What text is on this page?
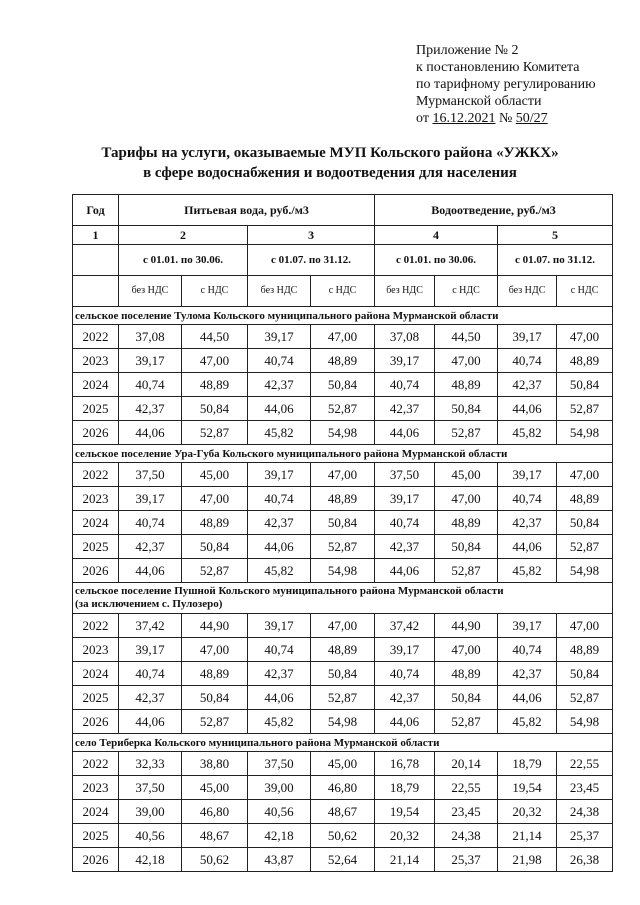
Приложение № 2
к постановлению Комитета
по тарифному регулированию
Мурманской области
от 16.12.2021 № 50/27
Тарифы на услуги, оказываемые МУП Кольского района «УЖКХ»
в сфере водоснабжения и водоотведения для населения
Год	Питьевая вода, руб./м3				Водоотведение, руб./м3			
1	2		3		4		5	
	с 01.01. по 30.06.		с 01.07. по 31.12.		с 01.01. по 30.06.		с 01.07. по 31.12.	
	без НДС	с НДС	без НДС	с НДС	без НДС	с НДС	без НДС	с НДС

сельское поселение Тулома Кольского муниципального района Мурманской области								

2022	37,08	44,50	39,17	47,00	37,08	44,50	39,17	47,00
2023	39,17	47,00	40,74	48,89	39,17	47,00	40,74	48,89
2024	40,74	48,89	42,37	50,84	40,74	48,89	42,37	50,84
2025	42,37	50,84	44,06	52,87	42,37	50,84	44,06	52,87
2026	44,06	52,87	45,82	54,98	44,06	52,87	45,82	54,98

сельское поселение Ура-Губа Кольского муниципального района Мурманской области								

2022	37,50	45,00	39,17	47,00	37,50	45,00	39,17	47,00
2023	39,17	47,00	40,74	48,89	39,17	47,00	40,74	48,89
2024	40,74	48,89	42,37	50,84	40,74	48,89	42,37	50,84
2025	42,37	50,84	44,06	52,87	42,37	50,84	44,06	52,87
2026	44,06	52,87	45,82	54,98	44,06	52,87	45,82	54,98

сельское поселение Пушной Кольского муниципального района Мурманской области
(за исключением с. Пулозеро)								

2022	37,42	44,90	39,17	47,00	37,42	44,90	39,17	47,00
2023	39,17	47,00	40,74	48,89	39,17	47,00	40,74	48,89
2024	40,74	48,89	42,37	50,84	40,74	48,89	42,37	50,84
2025	42,37	50,84	44,06	52,87	42,37	50,84	44,06	52,87
2026	44,06	52,87	45,82	54,98	44,06	52,87	45,82	54,98

село Териберка Кольского муниципального района Мурманской области								

2022	32,33	38,80	37,50	45,00	16,78	20,14	18,79	22,55
2023	37,50	45,00	39,00	46,80	18,79	22,55	19,54	23,45
2024	39,00	46,80	40,56	48,67	19,54	23,45	20,32	24,38
2025	40,56	48,67	42,18	50,62	20,32	24,38	21,14	25,37
2026	42,18	50,62	43,87	52,64	21,14	25,37	21,98	26,38
